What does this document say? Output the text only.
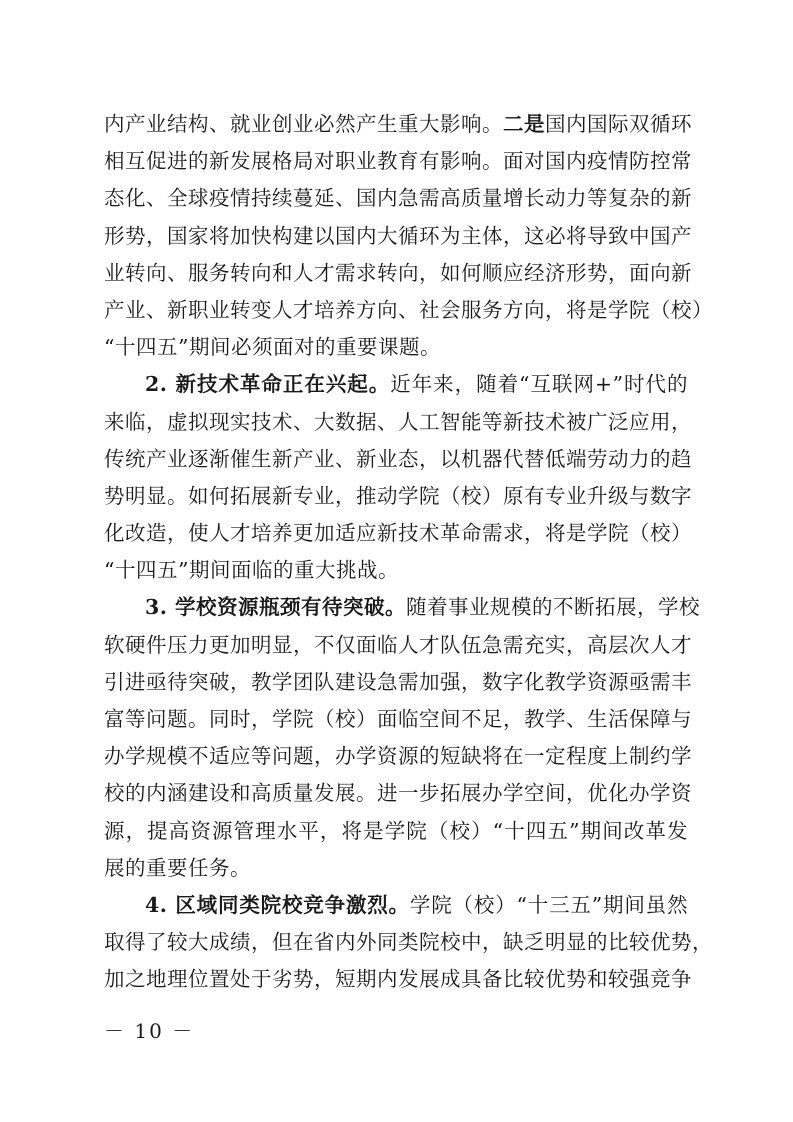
内产业结构、就业创业必然产生重大影响。二是国内国际双循环
相互促进的新发展格局对职业教育有影响。面对国内疫情防控常
态化、全球疫情持续蔓延、国内急需高质量增长动力等复杂的新
形势，国家将加快构建以国内大循环为主体，这必将导致中国产
业转向、服务转向和人才需求转向，如何顺应经济形势，面向新
产业、新职业转变人才培养方向、社会服务方向，将是学院（校）
“十四五”期间必须面对的重要课题。
2. 新技术革命正在兴起。近年来，随着“互联网+”时代的
来临，虚拟现实技术、大数据、人工智能等新技术被广泛应用，
传统产业逐渐催生新产业、新业态，以机器代替低端劳动力的趋
势明显。如何拓展新专业，推动学院（校）原有专业升级与数字
化改造，使人才培养更加适应新技术革命需求，将是学院（校）
“十四五”期间面临的重大挑战。
3. 学校资源瓶颈有待突破。随着事业规模的不断拓展，学校
软硬件压力更加明显，不仅面临人才队伍急需充实，高层次人才
引进亟待突破，教学团队建设急需加强，数字化教学资源亟需丰
富等问题。同时，学院（校）面临空间不足，教学、生活保障与
办学规模不适应等问题，办学资源的短缺将在一定程度上制约学
校的内涵建设和高质量发展。进一步拓展办学空间，优化办学资
源，提高资源管理水平，将是学院（校）“十四五”期间改革发
展的重要任务。
4. 区域同类院校竞争激烈。学院（校）“十三五”期间虽然
取得了较大成绩，但在省内外同类院校中，缺乏明显的比较优势，
加之地理位置处于劣势，短期内发展成具备比较优势和较强竞争
－ 10 －
